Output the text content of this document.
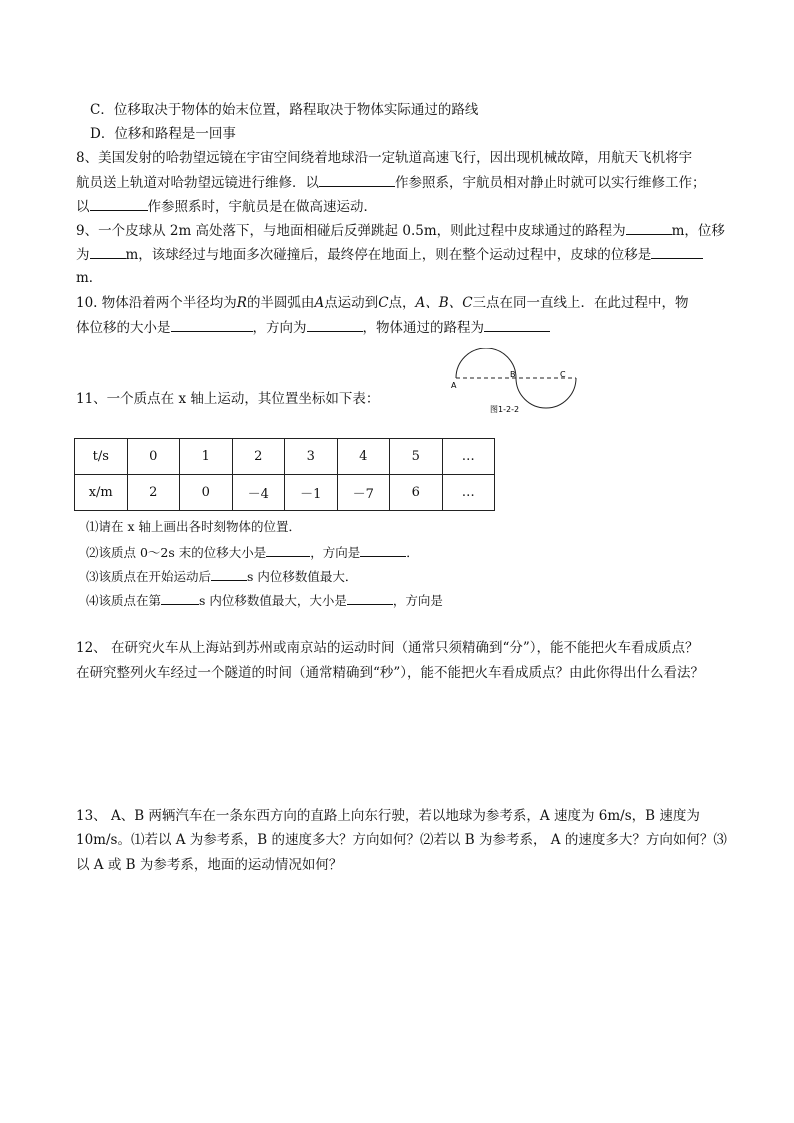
C．位移取决于物体的始末位置，路程取决于物体实际通过的路线
D．位移和路程是一回事
8、美国发射的哈勃望远镜在宇宙空间绕着地球沿一定轨道高速飞行，因出现机械故障，用航天飞机将宇
航员送上轨道对哈勃望远镜进行维修．以	作参照系，宇航员相对静止时就可以实行维修工作；
以	作参照系时，宇航员是在做高速运动．
9、一个皮球从 2m 高处落下，与地面相碰后反弹跳起 0.5m，则此过程中皮球通过的路程为	m，位移
为	m，该球经过与地面多次碰撞后，最终停在地面上，则在整个运动过程中，皮球的位移是
m．
10. 物体沿着两个半径均为R的半圆弧由A点运动到C点，A、B、C三点在同一直线上．在此过程中，物
体位移的大小是	，方向为	，物体通过的路程为
A
B	C
图1-2-2
11、一个质点在 x 轴上运动，其位置坐标如下表：
t/s	0	1	2	3	4	5	…
x/m	2	0	－4	－1	－7	6	…
⑴请在 x 轴上画出各时刻物体的位置．
⑵该质点 0～2s 末的位移大小是	，方向是	．
⑶该质点在开始运动后	s 内位移数值最大．
⑷该质点在第	s 内位移数值最大，大小是	，方向是
12、 在研究火车从上海站到苏州或南京站的运动时间（通常只须精确到“分”），能不能把火车看成质点？
在研究整列火车经过一个隧道的时间（通常精确到“秒”），能不能把火车看成质点？由此你得出什么看法？
13、 A、B 两辆汽车在一条东西方向的直路上向东行驶，若以地球为参考系，A 速度为 6m/s，B 速度为
10m/s。⑴若以 A 为参考系，B 的速度多大？方向如何？⑵若以 B 为参考系， A 的速度多大？方向如何？⑶
以 A 或 B 为参考系，地面的运动情况如何？
